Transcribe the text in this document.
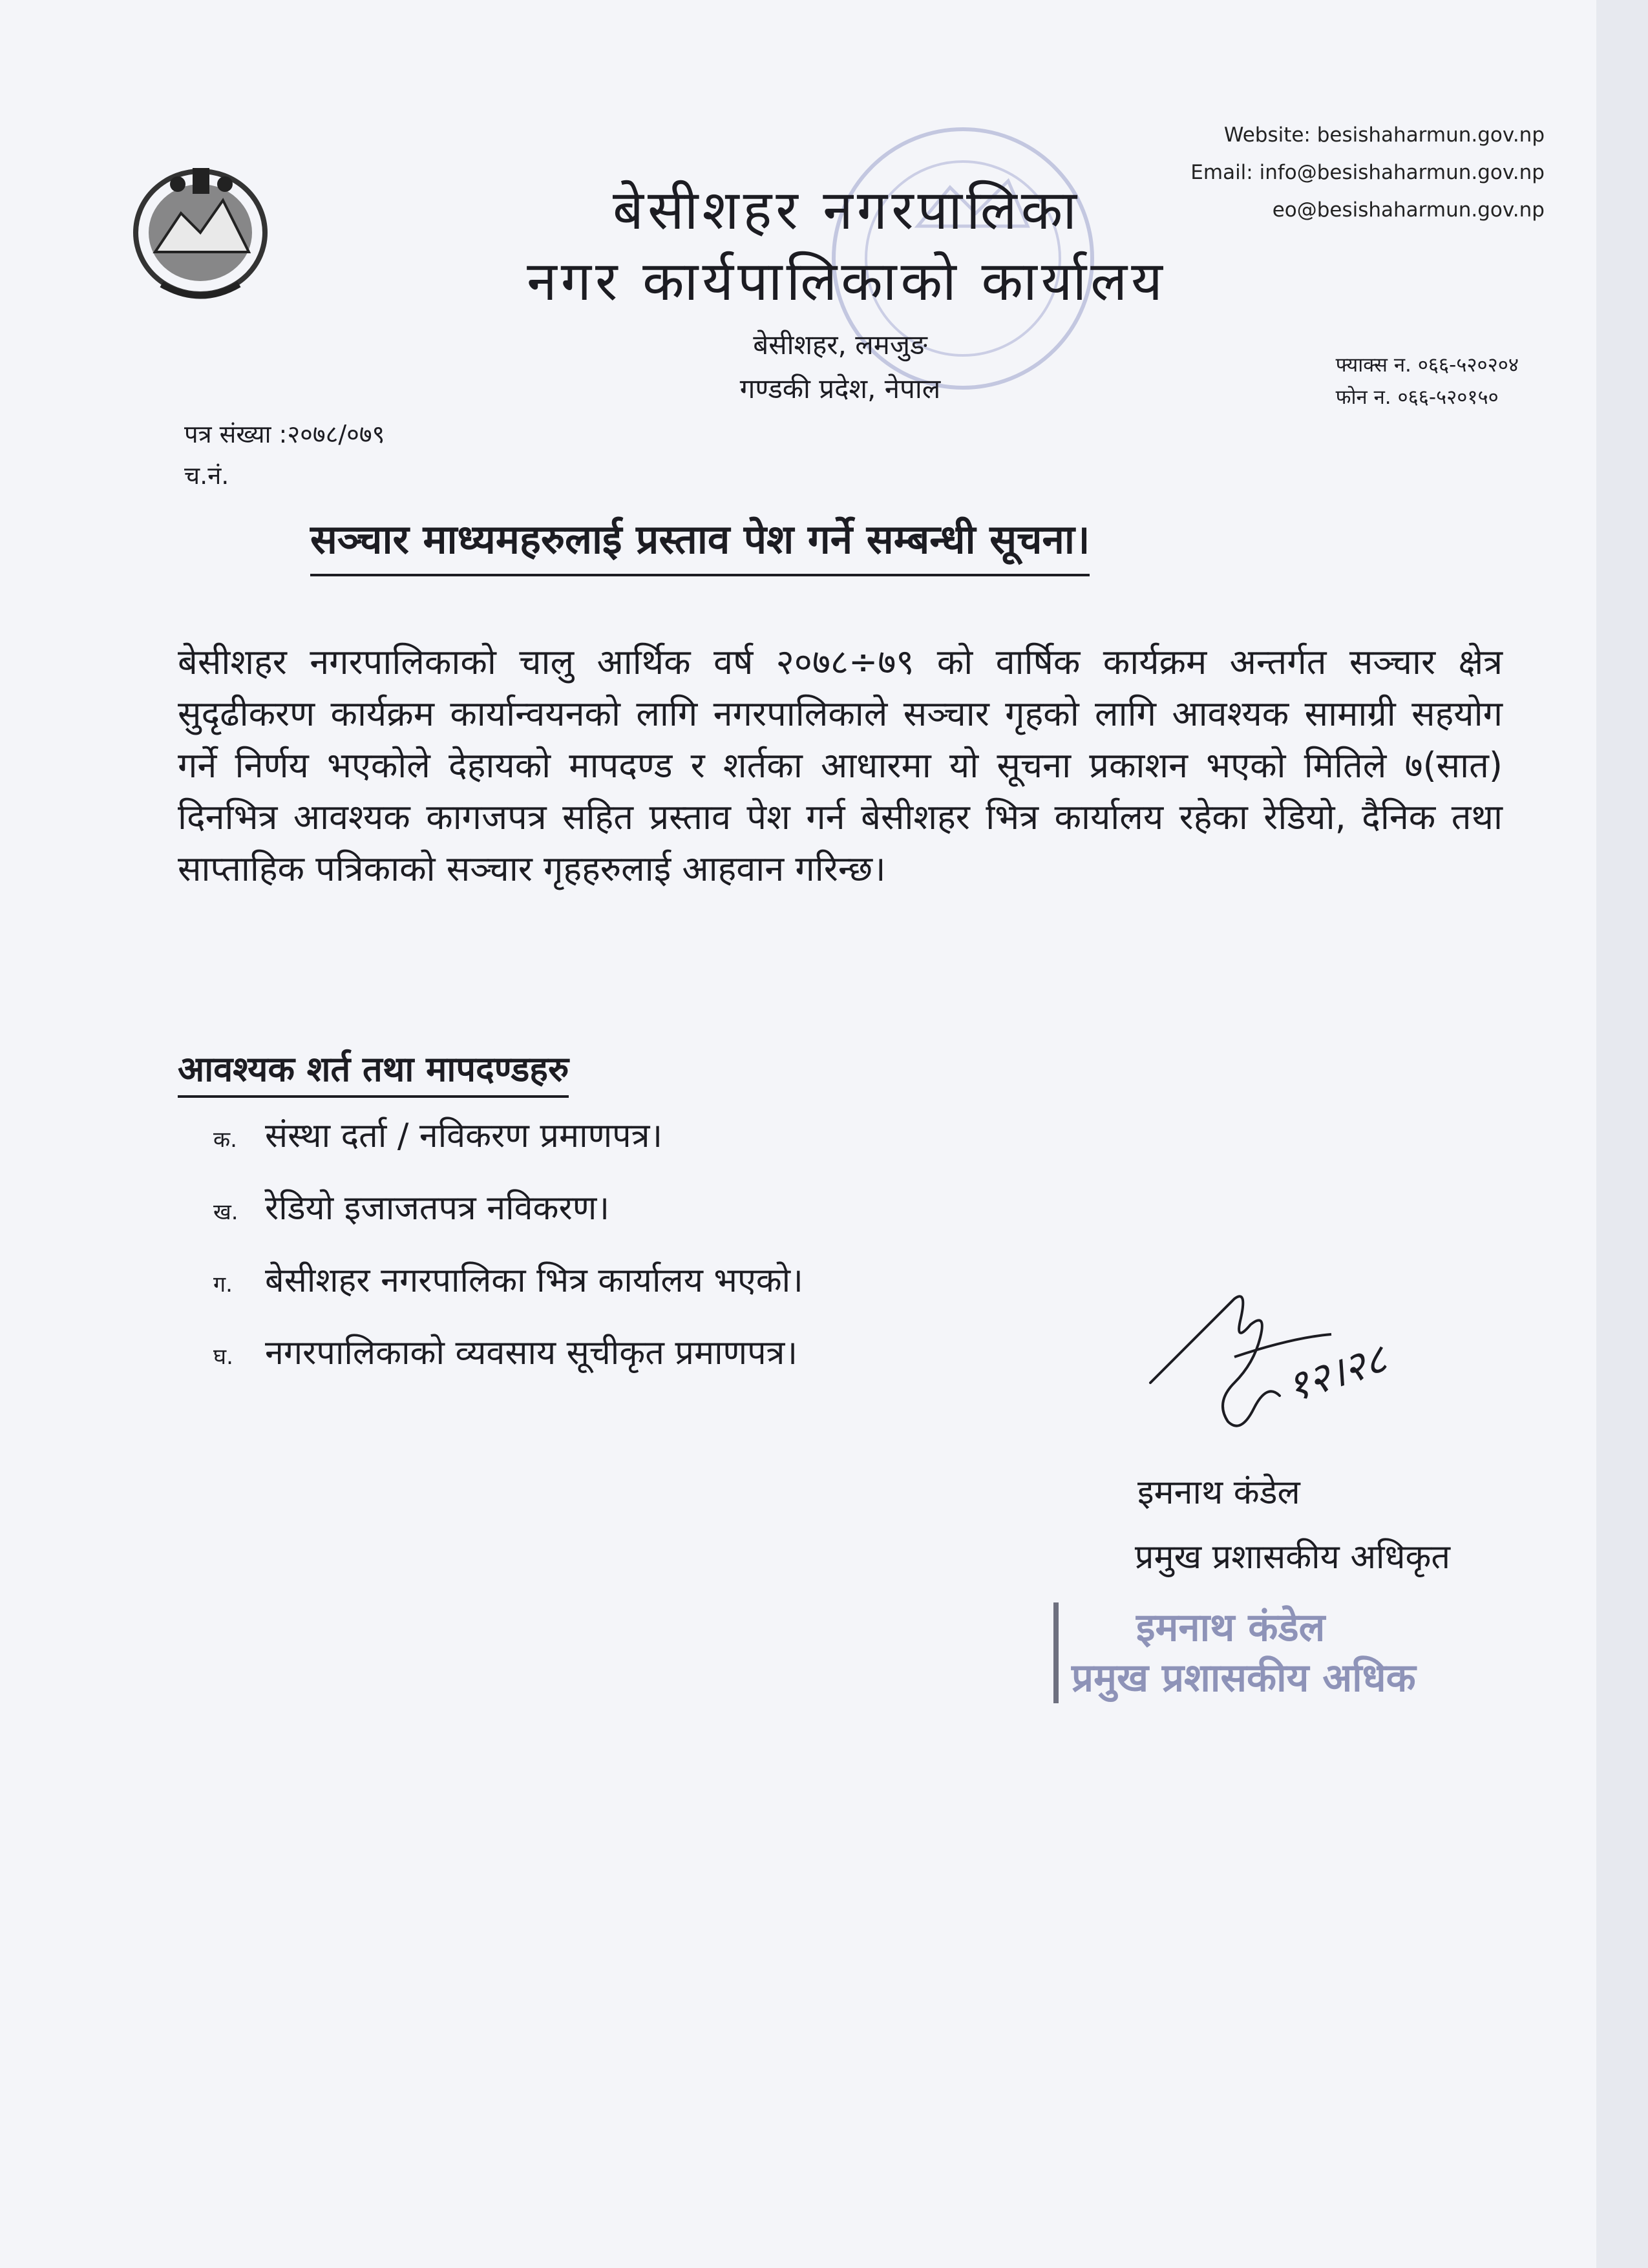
Website: besishaharmun.gov.np
Email: info@besishaharmun.gov.np
eo@besishaharmun.gov.np
बेसीशहर नगरपालिका
नगर कार्यपालिकाको कार्यालय
बेसीशहर, लमजुङ
गण्डकी प्रदेश, नेपाल
फ्याक्स न. ०६६-५२०२०४
फोन न. ०६६-५२०१५०
पत्र संख्या :२०७८/०७९
च.नं.
सञ्चार माध्यमहरुलाई प्रस्ताव पेश गर्ने सम्बन्धी सूचना।
बेसीशहर नगरपालिकाको चालु आर्थिक वर्ष २०७८÷७९ को वार्षिक कार्यक्रम अन्तर्गत सञ्चार क्षेत्र सुदृढीकरण कार्यक्रम कार्यान्वयनको लागि नगरपालिकाले सञ्चार गृहको लागि आवश्यक सामाग्री सहयोग गर्ने निर्णय भएकोले देहायको मापदण्ड र शर्तका आधारमा यो सूचना प्रकाशन भएको मितिले ७(सात) दिनभित्र आवश्यक कागजपत्र सहित प्रस्ताव पेश गर्न बेसीशहर भित्र कार्यालय रहेका रेडियो, दैनिक तथा साप्ताहिक पत्रिकाको सञ्चार गृहहरुलाई आहवान गरिन्छ।
आवश्यक शर्त तथा मापदण्डहरु
क. संस्था दर्ता / नविकरण प्रमाणपत्र।
ख. रेडियो इजाजतपत्र नविकरण।
ग. बेसीशहर नगरपालिका भित्र कार्यालय भएको।
घ. नगरपालिकाको व्यवसाय सूचीकृत प्रमाणपत्र।	१२।२८
इमनाथ कंडेल
प्रमुख प्रशासकीय अधिकृत
इमनाथ कंडेल
प्रमुख प्रशासकीय अधिक
